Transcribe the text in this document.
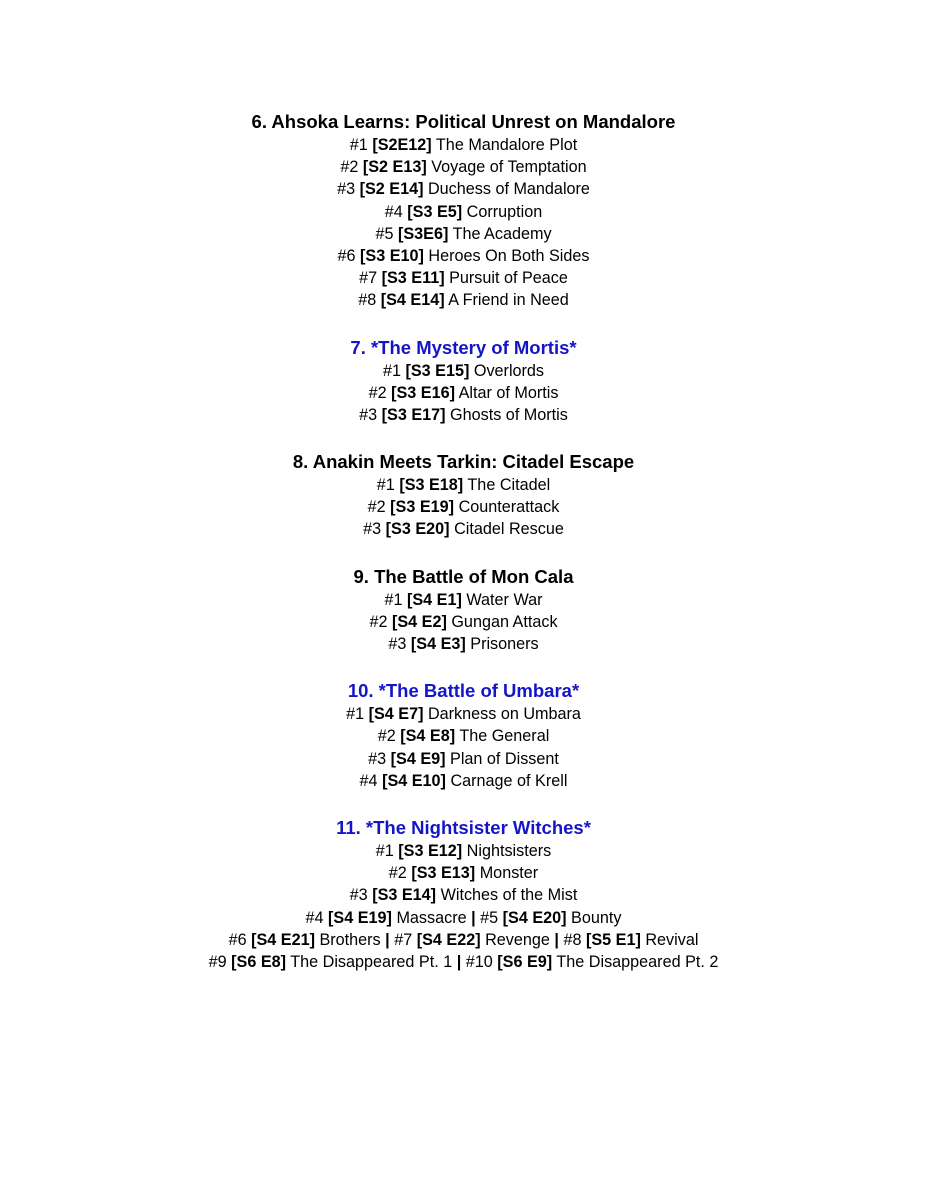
6. Ahsoka Learns: Political Unrest on Mandalore
#1 [S2E12] The Mandalore Plot
#2 [S2 E13] Voyage of Temptation
#3 [S2 E14] Duchess of Mandalore
#4 [S3 E5] Corruption
#5 [S3E6] The Academy
#6 [S3 E10] Heroes On Both Sides
#7 [S3 E11] Pursuit of Peace
#8 [S4 E14] A Friend in Need
7. *The Mystery of Mortis*
#1 [S3 E15] Overlords
#2 [S3 E16] Altar of Mortis
#3 [S3 E17] Ghosts of Mortis
8. Anakin Meets Tarkin: Citadel Escape
#1 [S3 E18] The Citadel
#2 [S3 E19] Counterattack
#3 [S3 E20] Citadel Rescue
9. The Battle of Mon Cala
#1 [S4 E1] Water War
#2 [S4 E2] Gungan Attack
#3 [S4 E3] Prisoners
10. *The Battle of Umbara*
#1 [S4 E7] Darkness on Umbara
#2 [S4 E8] The General
#3 [S4 E9] Plan of Dissent
#4 [S4 E10] Carnage of Krell
11. *The Nightsister Witches*
#1 [S3 E12] Nightsisters
#2 [S3 E13] Monster
#3 [S3 E14] Witches of the Mist
#4 [S4 E19] Massacre | #5 [S4 E20] Bounty
#6 [S4 E21] Brothers | #7 [S4 E22] Revenge | #8 [S5 E1] Revival
#9 [S6 E8] The Disappeared Pt. 1 | #10 [S6 E9] The Disappeared Pt. 2
